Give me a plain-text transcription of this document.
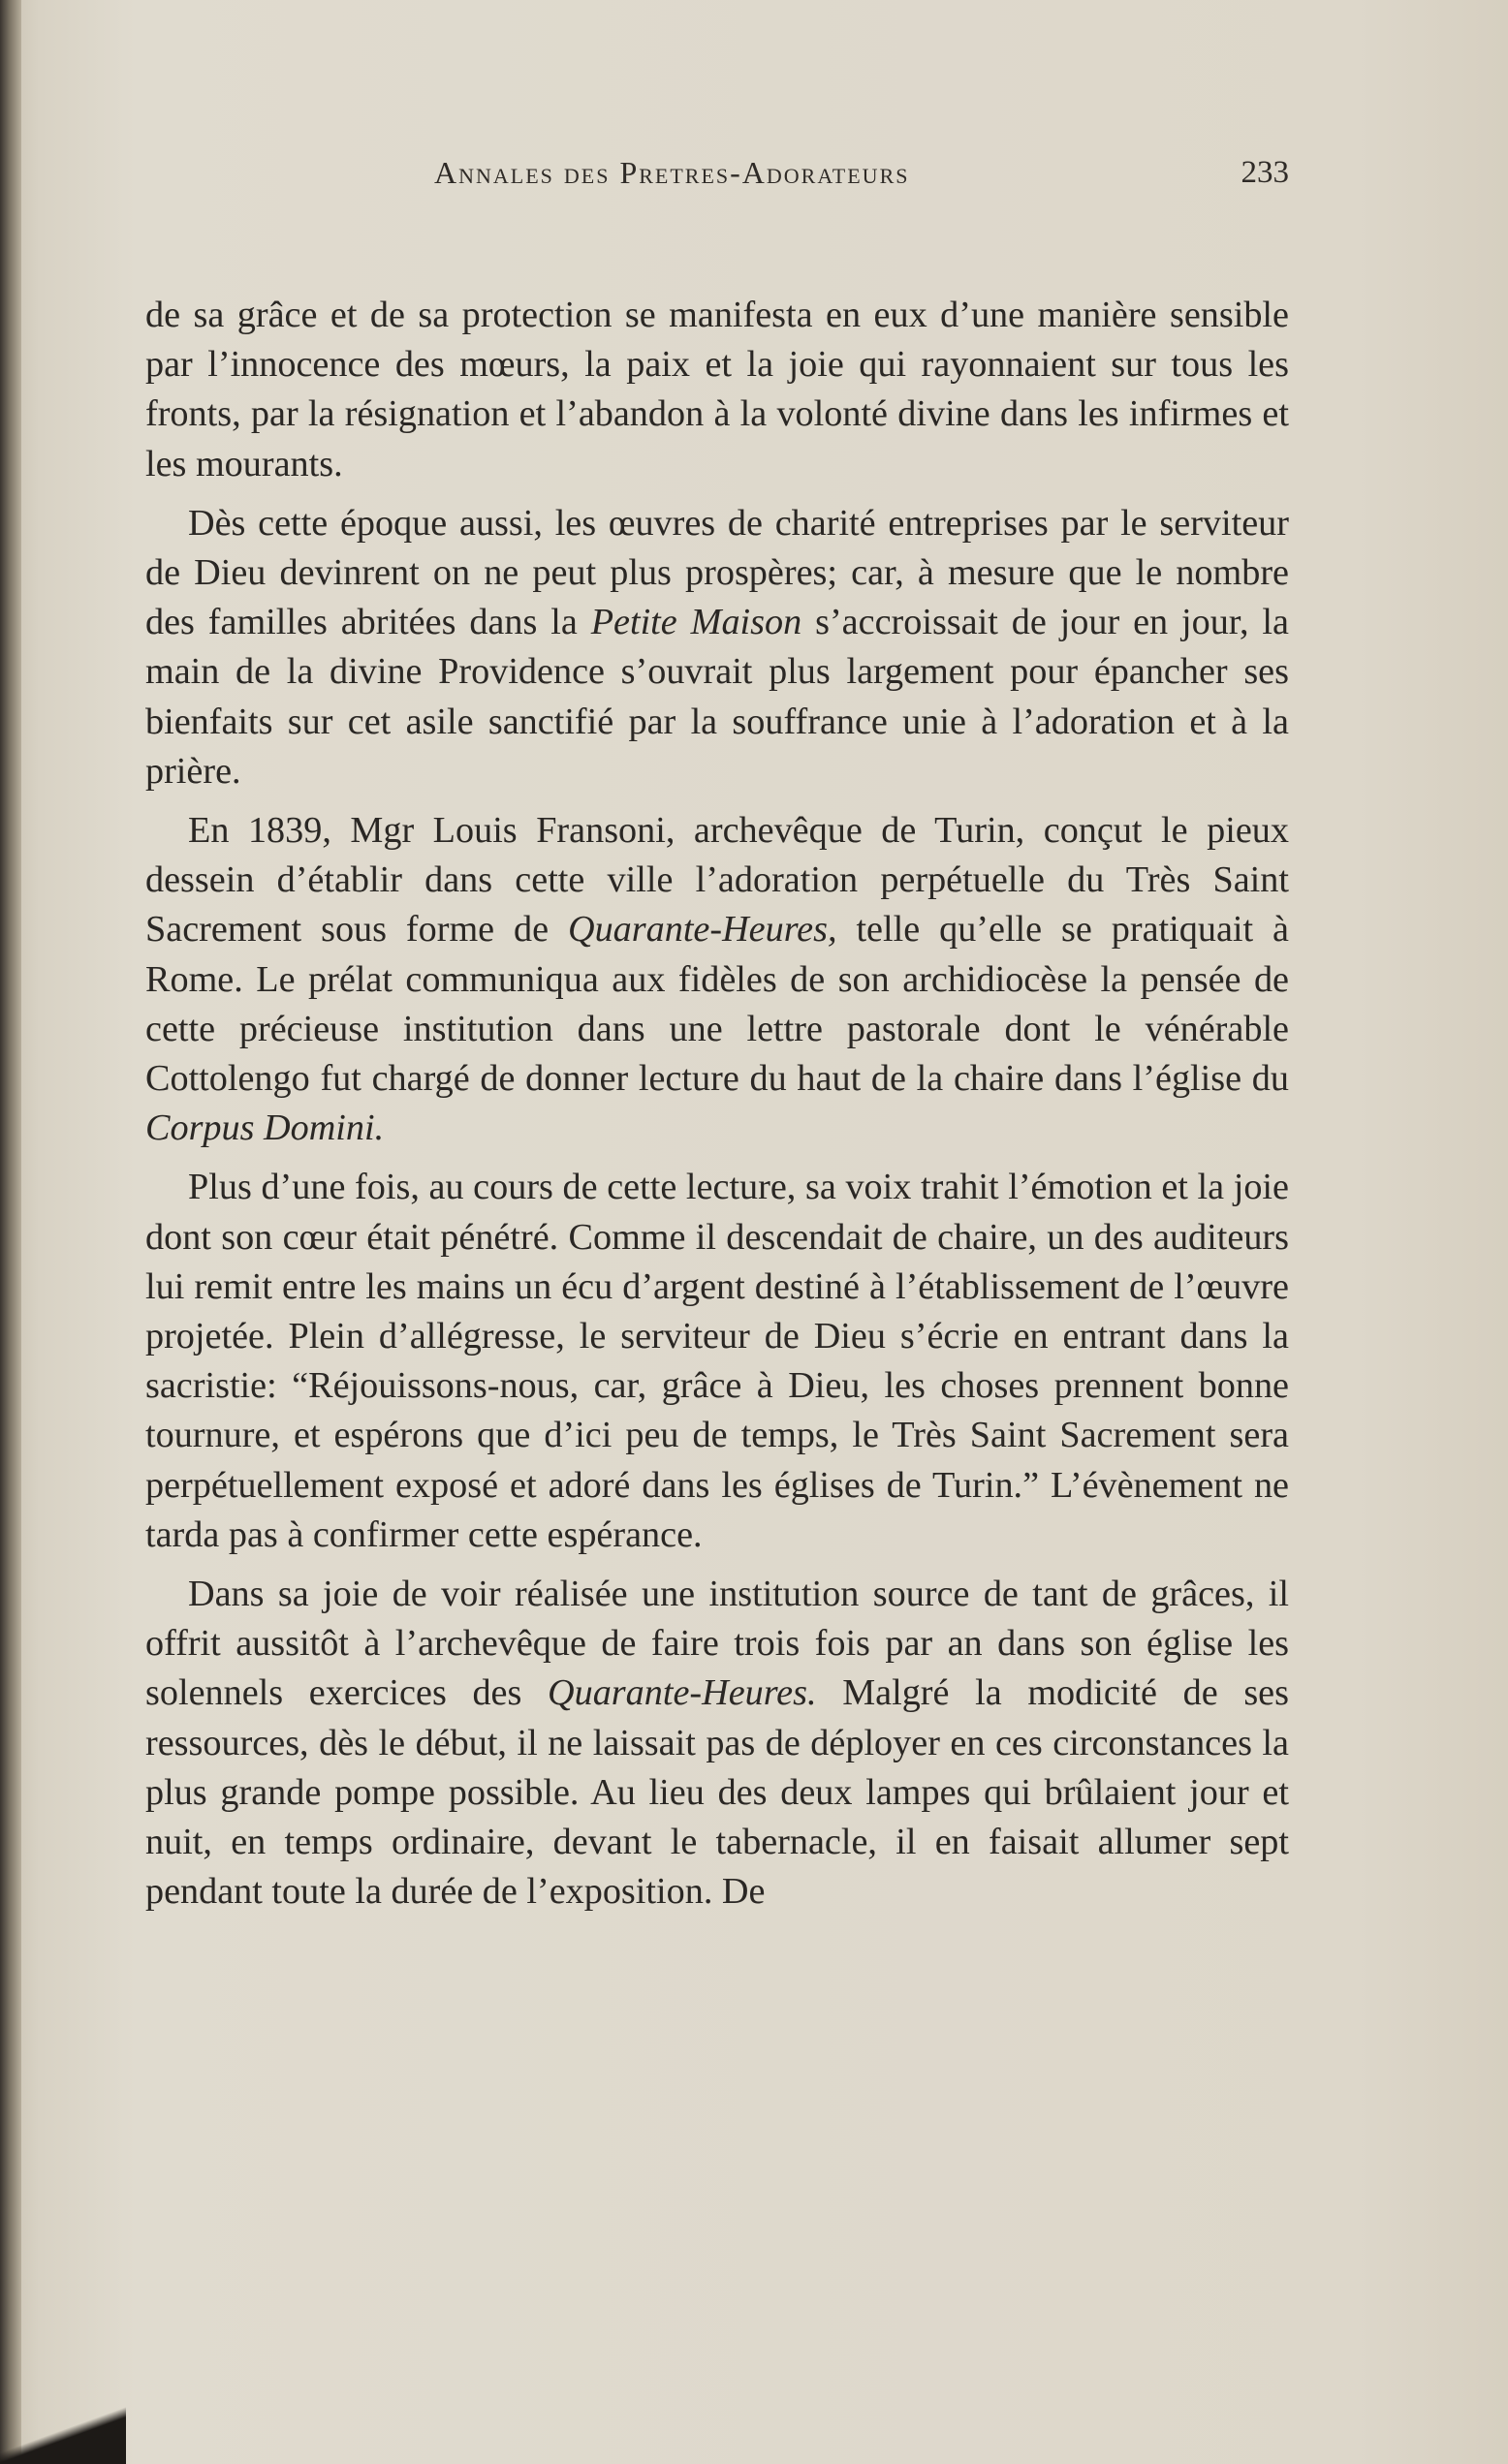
Annales des Pretres-Adorateurs	233

de sa grâce et de sa protection se manifesta en eux d’une manière sensible par l’innocence des mœurs, la paix et la joie qui rayonnaient sur tous les fronts, par la résignation et l’abandon à la volonté divine dans les infirmes et les mourants.

Dès cette époque aussi, les œuvres de charité entreprises par le serviteur de Dieu devinrent on ne peut plus prospères; car, à mesure que le nombre des familles abritées dans la Petite Maison s’accroissait de jour en jour, la main de la divine Providence s’ouvrait plus largement pour épancher ses bienfaits sur cet asile sanctifié par la souffrance unie à l’adoration et à la prière.

En 1839, Mgr Louis Fransoni, archevêque de Turin, conçut le pieux dessein d’établir dans cette ville l’adoration perpétuelle du Très Saint Sacrement sous forme de Quarante-Heures, telle qu’elle se pratiquait à Rome. Le prélat communiqua aux fidèles de son archidiocèse la pensée de cette précieuse institution dans une lettre pastorale dont le vénérable Cottolengo fut chargé de donner lecture du haut de la chaire dans l’église du Corpus Domini.

Plus d’une fois, au cours de cette lecture, sa voix trahit l’émotion et la joie dont son cœur était pénétré. Comme il descendait de chaire, un des auditeurs lui remit entre les mains un écu d’argent destiné à l’établissement de l’œuvre projetée. Plein d’allégresse, le serviteur de Dieu s’écrie en entrant dans la sacristie: “Réjouissons-nous, car, grâce à Dieu, les choses prennent bonne tournure, et espérons que d’ici peu de temps, le Très Saint Sacrement sera perpétuellement exposé et adoré dans les églises de Turin.” L’évènement ne tarda pas à confirmer cette espérance.

Dans sa joie de voir réalisée une institution source de tant de grâces, il offrit aussitôt à l’archevêque de faire trois fois par an dans son église les solennels exercices des Quarante-Heures. Malgré la modicité de ses ressources, dès le début, il ne laissait pas de déployer en ces circonstances la plus grande pompe possible. Au lieu des deux lampes qui brûlaient jour et nuit, en temps ordinaire, devant le tabernacle, il en faisait allumer sept pendant toute la durée de l’exposition. De
